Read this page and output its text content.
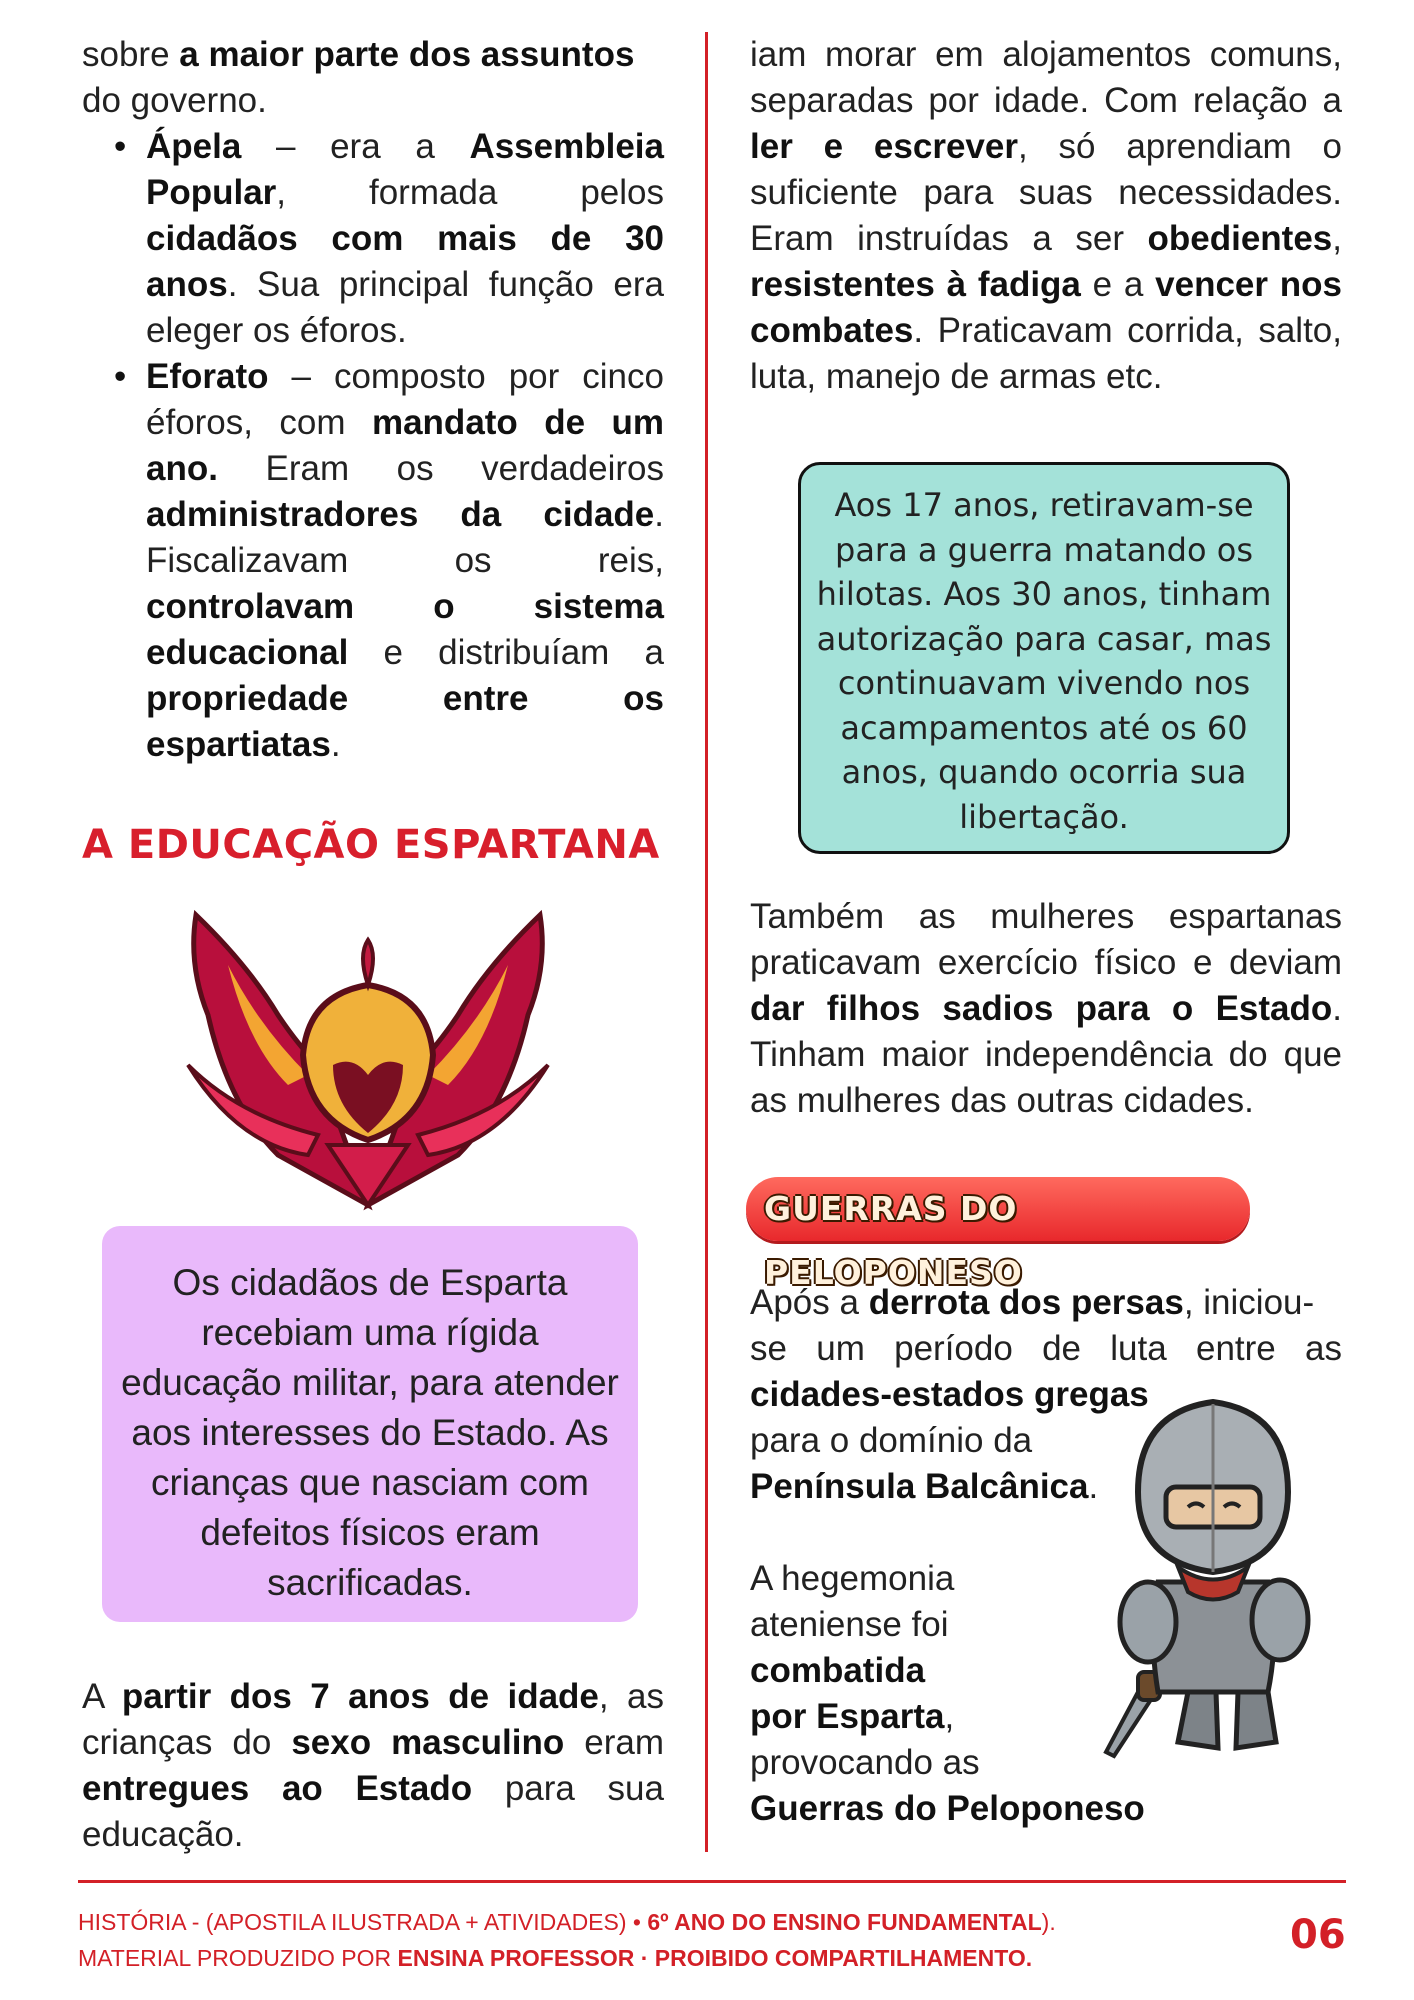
sobre a maior parte dos assuntos do governo.

• Ápela – era a Assembleia Popular, formada pelos cidadãos com mais de 30 anos. Sua principal função era eleger os éforos.
• Eforato – composto por cinco éforos, com mandato de um ano. Eram os verdadeiros administradores da cidade. Fiscalizavam os reis, controlavam o sistema educacional e distribuíam a propriedade entre os espartiatas.
A EDUCAÇÃO ESPARTANA

Os cidadãos de Esparta recebiam uma rígida educação militar, para atender aos interesses do Estado. As crianças que nasciam com defeitos físicos eram sacrificadas.

A partir dos 7 anos de idade, as crianças do sexo masculino eram entregues ao Estado para sua educação.

iam morar em alojamentos comuns, separadas por idade. Com relação a ler e escrever, só aprendiam o suficiente para suas necessidades. Eram instruídas a ser obedientes, resistentes à fadiga e a vencer nos combates. Praticavam corrida, salto, luta, manejo de armas etc.

Aos 17 anos, retiravam-se para a guerra matando os hilotas. Aos 30 anos, tinham autorização para casar, mas continuavam vivendo nos acampamentos até os 60 anos, quando ocorria sua libertação.

Também as mulheres espartanas praticavam exercício físico e deviam dar filhos sadios para o Estado. Tinham maior independência do que as mulheres das outras cidades.

GUERRAS DO PELOPONESO

Após a derrota dos persas, iniciou-

se um período de luta entre as

cidades-estados gregas

para o domínio da

Península Balcânica.

A hegemonia

ateniense foi

combatida

por Esparta,

provocando as

Guerras do Peloponeso

HISTÓRIA - (APOSTILA ILUSTRADA + ATIVIDADES) • 6º ANO DO ENSINO FUNDAMENTAL).
MATERIAL PRODUZIDO POR ENSINA PROFESSOR · PROIBIDO COMPARTILHAMENTO.	06
